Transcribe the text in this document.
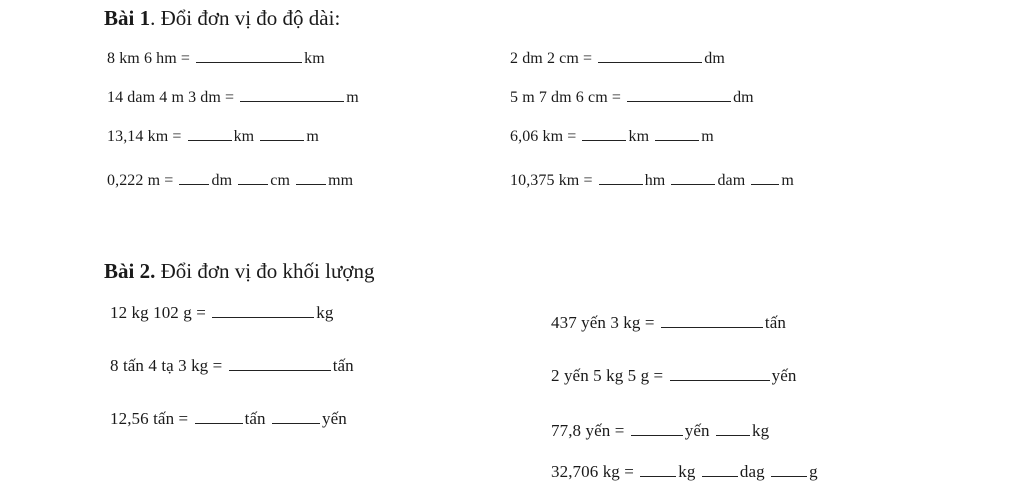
Bài 1. Đổi đơn vị đo độ dài:
8 km 6 hm =	km
14 dam 4 m 3 dm =	m
13,14 km =	km	m
0,222 m = dm cm mm
2 dm 2 cm =	dm
5 m 7 dm 6 cm =	dm
6,06 km =	km	m
10,375 km =	hm	dam m
Bài 2. Đổi đơn vị đo khối lượng
12 kg 102 g =	kg
8 tấn 4 tạ 3 kg =	tấn
12,56 tấn =	tấn	yến
437 yến 3 kg =	tấn
2 yến 5 kg 5 g =	yến
77,8 yến =	yến kg
32,706 kg =	kg	dag	g
